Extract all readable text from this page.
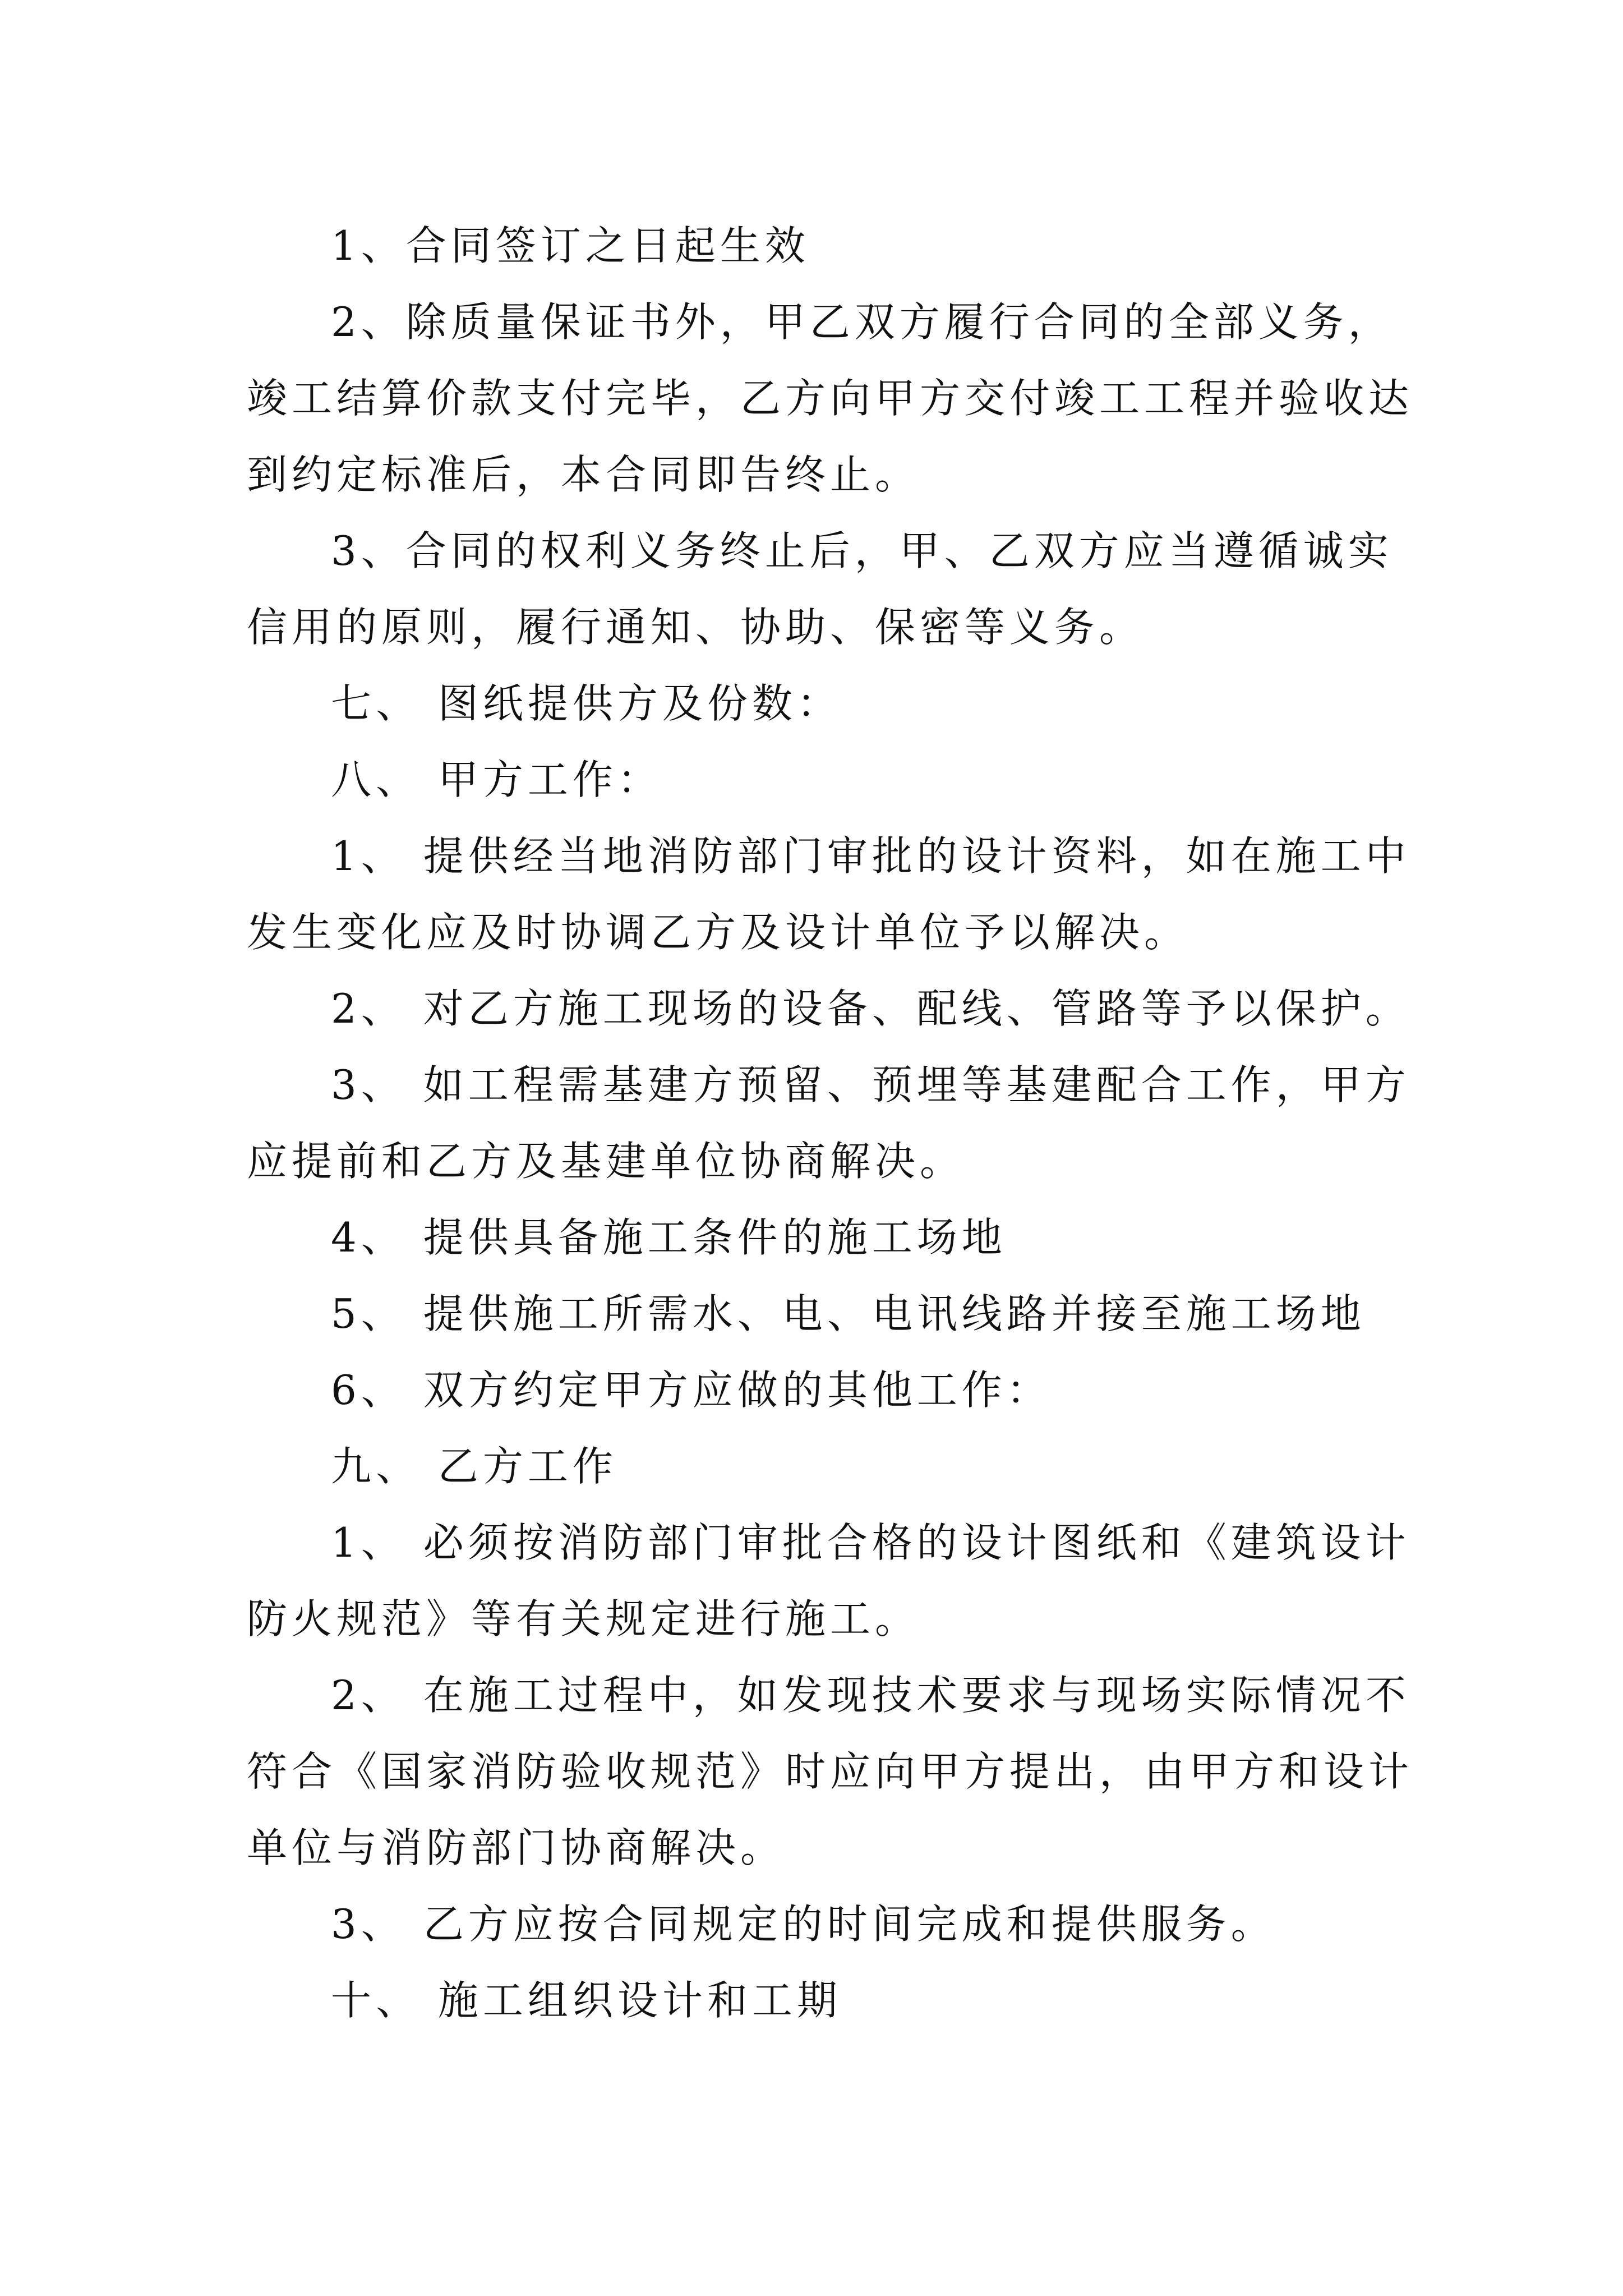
1、合同签订之日起生效

2、除质量保证书外，甲乙双方履行合同的全部义务，

竣工结算价款支付完毕，乙方向甲方交付竣工工程并验收达

到约定标准后，本合同即告终止。

3、合同的权利义务终止后，甲、乙双方应当遵循诚实

信用的原则，履行通知、协助、保密等义务。

七、 图纸提供方及份数：

八、 甲方工作：

1、 提供经当地消防部门审批的设计资料，如在施工中

发生变化应及时协调乙方及设计单位予以解决。

2、 对乙方施工现场的设备、配线、管路等予以保护。

3、 如工程需基建方预留、预埋等基建配合工作，甲方

应提前和乙方及基建单位协商解决。

4、 提供具备施工条件的施工场地

5、 提供施工所需水、电、电讯线路并接至施工场地

6、 双方约定甲方应做的其他工作：

九、 乙方工作

1、 必须按消防部门审批合格的设计图纸和《建筑设计

防火规范》等有关规定进行施工。

2、 在施工过程中，如发现技术要求与现场实际情况不

符合《国家消防验收规范》时应向甲方提出，由甲方和设计

单位与消防部门协商解决。

3、 乙方应按合同规定的时间完成和提供服务。

十、 施工组织设计和工期
